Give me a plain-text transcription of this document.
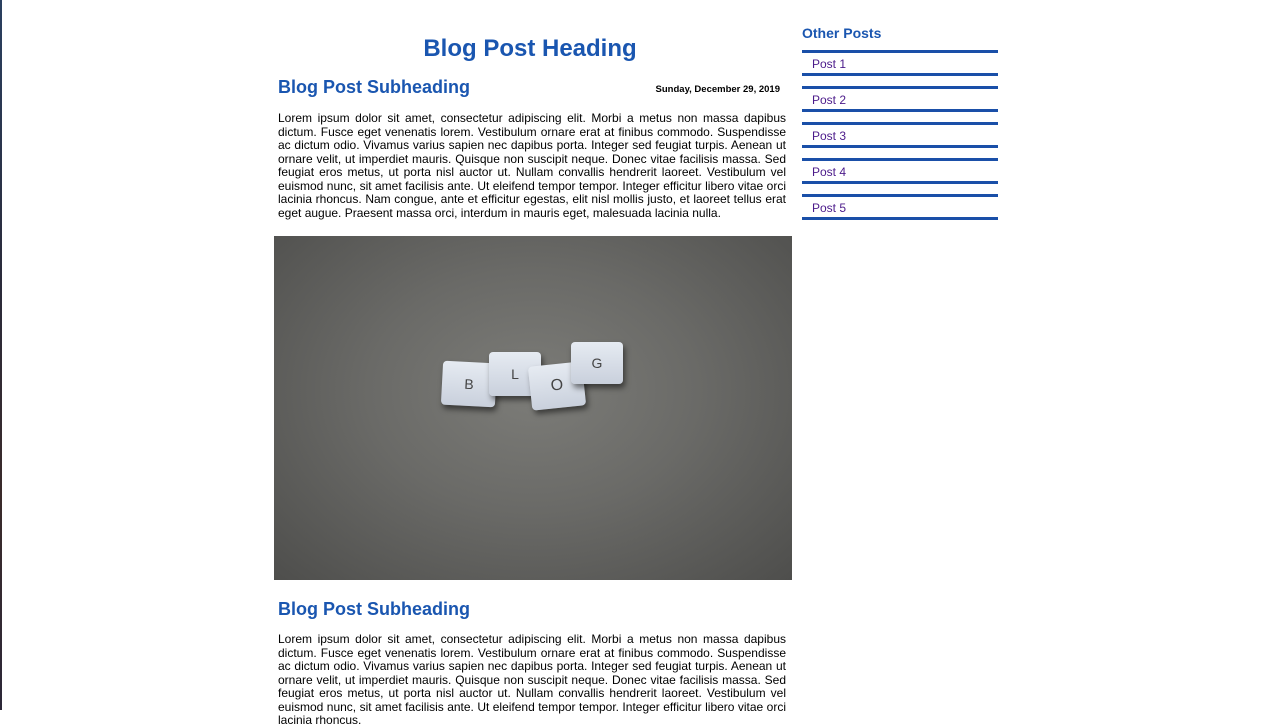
Blog Post Heading
Blog Post Subheading	Sunday, December 29, 2019

Lorem ipsum dolor sit amet, consectetur adipiscing elit. Morbi a metus non massa dapibus dictum. Fusce eget venenatis lorem. Vestibulum ornare erat at finibus commodo. Suspendisse ac dictum odio. Vivamus varius sapien nec dapibus porta. Integer sed feugiat turpis. Aenean ut ornare velit, ut imperdiet mauris. Quisque non suscipit neque. Donec vitae facilisis massa. Sed feugiat eros metus, ut porta nisl auctor ut. Nullam convallis hendrerit laoreet. Vestibulum vel euismod nunc, sit amet facilisis ante. Ut eleifend tempor tempor. Integer efficitur libero vitae orci lacinia rhoncus. Nam congue, ante et efficitur egestas, elit nisl mollis justo, et laoreet tellus erat eget augue. Praesent massa orci, interdum in mauris eget, malesuada lacinia nulla.

B
L
O
G
Blog Post Subheading

Lorem ipsum dolor sit amet, consectetur adipiscing elit. Morbi a metus non massa dapibus dictum. Fusce eget venenatis lorem. Vestibulum ornare erat at finibus commodo. Suspendisse ac dictum odio. Vivamus varius sapien nec dapibus porta. Integer sed feugiat turpis. Aenean ut ornare velit, ut imperdiet mauris. Quisque non suscipit neque. Donec vitae facilisis massa. Sed feugiat eros metus, ut porta nisl auctor ut. Nullam convallis hendrerit laoreet. Vestibulum vel euismod nunc, sit amet facilisis ante. Ut eleifend tempor tempor. Integer efficitur libero vitae orci lacinia rhoncus.

Other Posts
Post 1
Post 2
Post 3
Post 4
Post 5
